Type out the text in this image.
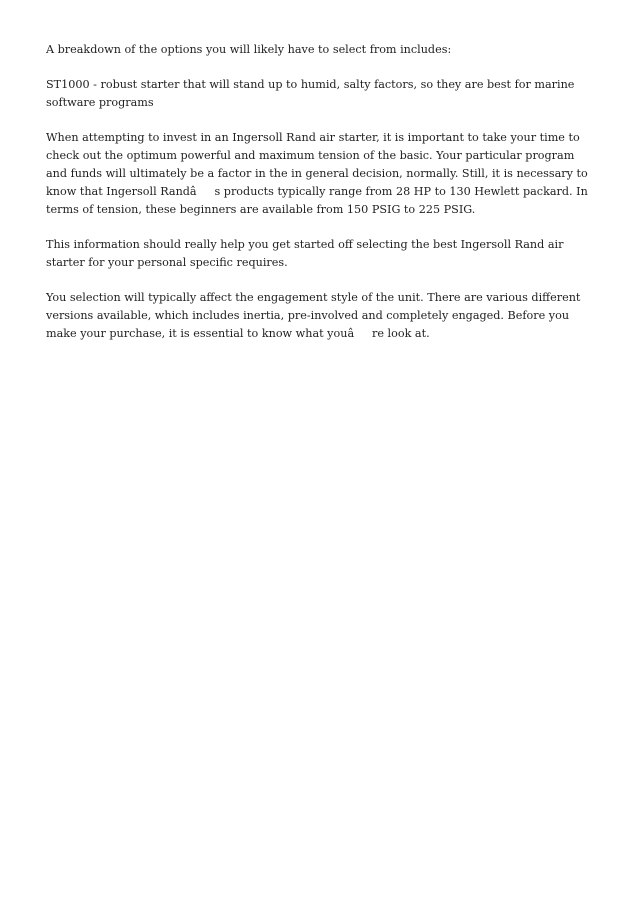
A breakdown of the options you will likely have to select from includes:

ST1000 - robust starter that will stand up to humid, salty factors, so they are best for marine software programs

When attempting to invest in an Ingersoll Rand air starter, it is important to take your time to check out the optimum powerful and maximum tension of the basic. Your particular program and funds will ultimately be a factor in the in general decision, normally. Still, it is necessary to know that Ingersoll Randâs products typically range from 28 HP to 130 Hewlett packard. In terms of tension, these beginners are available from 150 PSIG to 225 PSIG.

This information should really help you get started off selecting the best Ingersoll Rand air starter for your personal specific requires.

You selection will typically affect the engagement style of the unit. There are various different versions available, which includes inertia, pre-involved and completely engaged. Before you make your purchase, it is essential to know what youâre look at.
